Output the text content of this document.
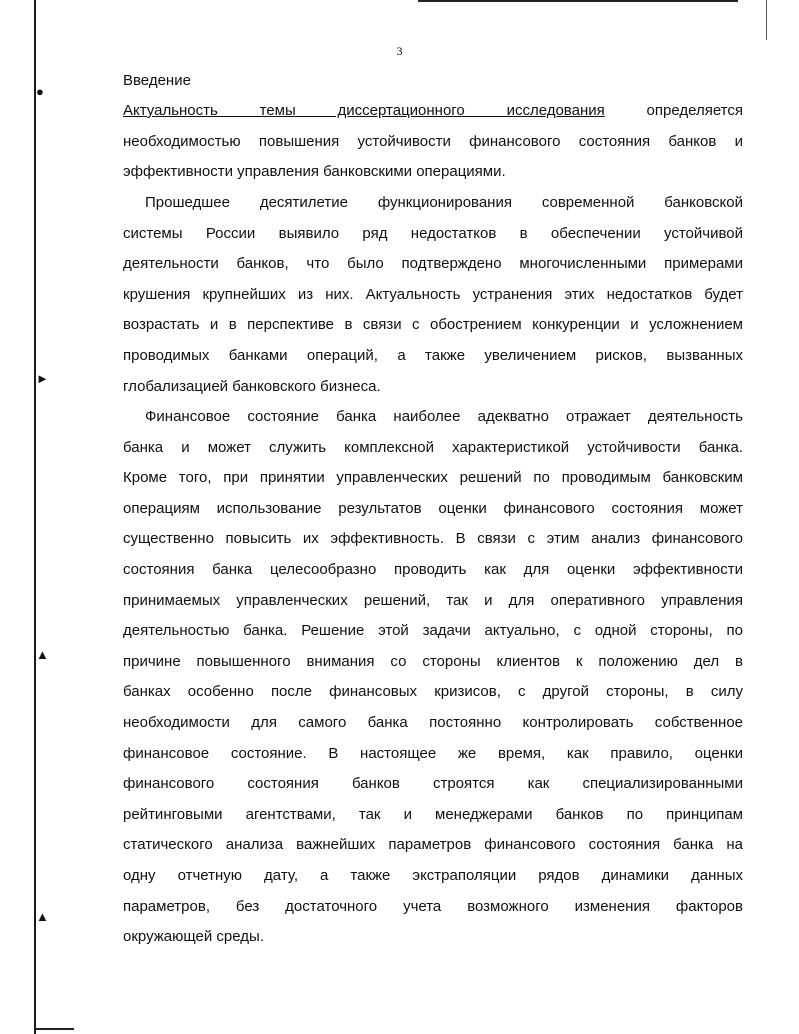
●
►
▲
▲
3
Введение
Актуальность темы диссертационного исследования определяется
необходимостью повышения устойчивости финансового состояния банков и
эффективности управления банковскими операциями.
Прошедшее десятилетие функционирования современной банковской
системы России выявило ряд недостатков в обеспечении устойчивой
деятельности банков, что было подтверждено многочисленными примерами
крушения крупнейших из них. Актуальность устранения этих недостатков будет
возрастать и в перспективе в связи с обострением конкуренции и усложнением
проводимых банками операций, а также увеличением рисков, вызванных
глобализацией банковского бизнеса.
Финансовое состояние банка наиболее адекватно отражает деятельность
банка и может служить комплексной характеристикой устойчивости банка.
Кроме того, при принятии управленческих решений по проводимым банковским
операциям использование результатов оценки финансового состояния может
существенно повысить их эффективность. В связи с этим анализ финансового
состояния банка целесообразно проводить как для оценки эффективности
принимаемых управленческих решений, так и для оперативного управления
деятельностью банка. Решение этой задачи актуально, с одной стороны, по
причине повышенного внимания со стороны клиентов к положению дел в
банках особенно после финансовых кризисов, с другой стороны, в силу
необходимости для самого банка постоянно контролировать собственное
финансовое состояние. В настоящее же время, как правило, оценки
финансового состояния банков строятся как специализированными
рейтинговыми агентствами, так и менеджерами банков по принципам
статического анализа важнейших параметров финансового состояния банка на
одну отчетную дату, а также экстраполяции рядов динамики данных
параметров, без достаточного учета возможного изменения факторов
окружающей среды.
